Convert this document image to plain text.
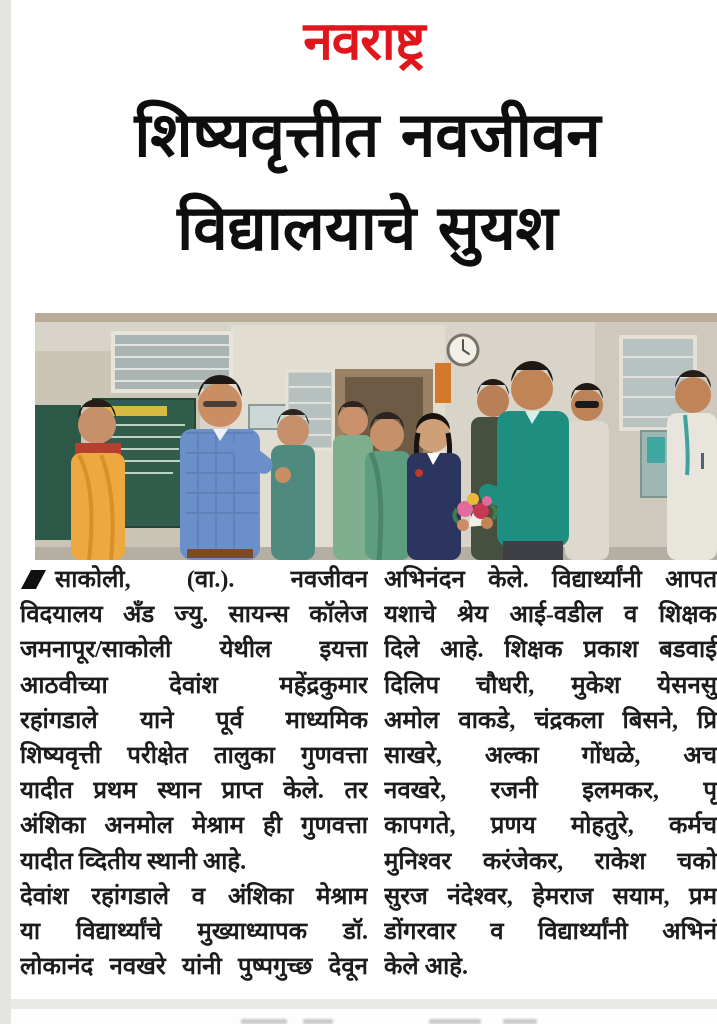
नवराष्ट्र
शिष्यवृत्तीत नवजीवन
विद्यालयाचे सुयश
साकोली, (वा.). नवजीवन
विदयालय अँड ज्यु. सायन्स कॉलेज
जमनापूर/साकोली येथील इयत्ता
आठवीच्या देवांश महेंद्रकुमार
रहांगडाले याने पूर्व माध्यमिक
शिष्यवृत्ती परीक्षेत तालुका गुणवत्ता
यादीत प्रथम स्थान प्राप्त केले. तर
अंशिका अनमोल मेश्राम ही गुणवत्ता
यादीत व्दितीय स्थानी आहे.
देवांश रहांगडाले व अंशिका मेश्राम
या विद्यार्थ्यांचे मुख्याध्यापक डॉ.
लोकानंद नवखरे यांनी पुष्पगुच्छ देवून
अभिनंदन केले. विद्यार्थ्यांनी आपत
यशाचे श्रेय आई-वडील व शिक्षक
दिले आहे. शिक्षक प्रकाश बडवाई
दिलिप चौधरी, मुकेश येसनसु
अमोल वाकडे, चंद्रकला बिसने, प्रि
साखरे, अल्का गोंधळे, अच
नवखरे, रजनी इलमकर, पृ
कापगते, प्रणय मोहतुरे, कर्मच
मुनिश्वर करंजेकर, राकेश चको
सुरज नंदेश्वर, हेमराज सयाम, प्रम
डोंगरवार व विद्यार्थ्यांनी अभिनं
केले आहे.
